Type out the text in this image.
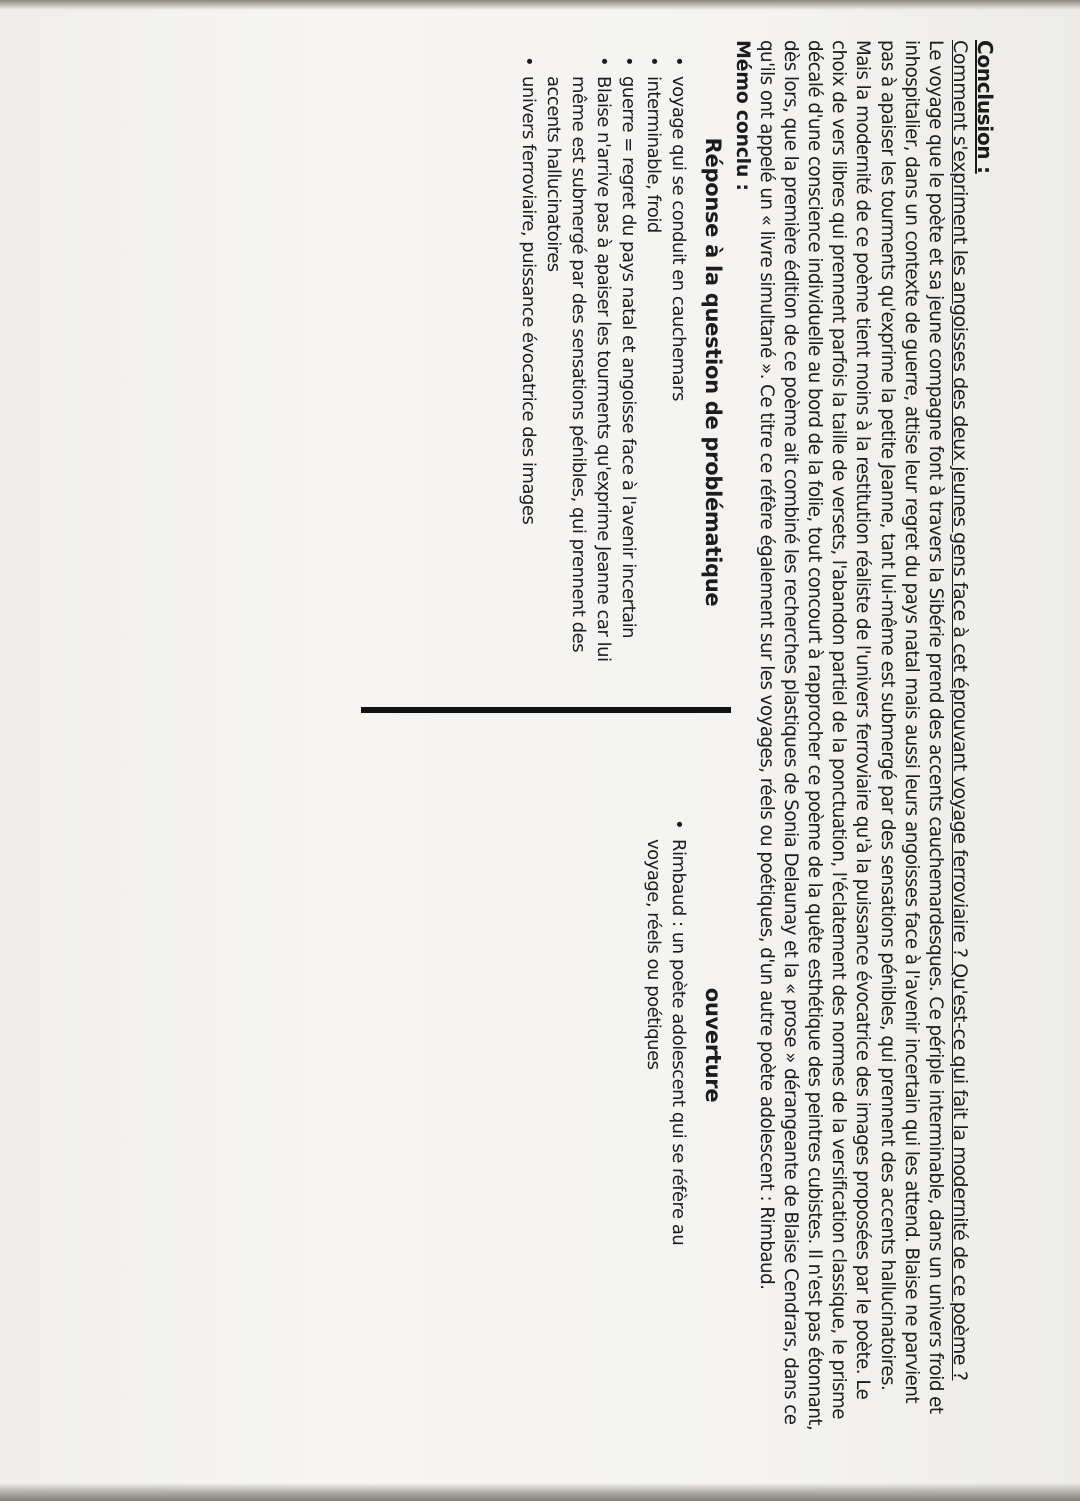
Conclusion :
Comment s'expriment les angoisses des deux jeunes gens face à cet éprouvant voyage ferroviaire ? Qu'est-ce qui fait la modernité de ce poème ?

Le voyage que le poète et sa jeune compagne font à travers la Sibérie prend des accents cauchemardesques. Ce périple interminable, dans un univers froid et inhospitalier, dans un contexte de guerre, attise leur regret du pays natal mais aussi leurs angoisses face à l'avenir incertain qui les attend. Blaise ne parvient pas à apaiser les tourments qu'exprime la petite Jeanne, tant lui-même est submergé par des sensations pénibles, qui prennent des accents hallucinatoires.

Mais la modernité de ce poème tient moins à la restitution réaliste de l'univers ferroviaire qu'à la puissance évocatrice des images proposées par le poète. Le choix de vers libres qui prennent parfois la taille de versets, l'abandon partiel de la ponctuation, l'éclatement des normes de la versification classique, le prisme décalé d'une conscience individuelle au bord de la folie, tout concourt à rapprocher ce poème de la quête esthétique des peintres cubistes. Il n'est pas étonnant, dès lors, que la première édition de ce poème ait combiné les recherches plastiques de Sonia Delaunay et la « prose » dérangeante de Blaise Cendrars, dans ce qu'ils ont appelé un « livre simultané ». Ce titre ce réfère également sur les voyages, réels ou poétiques, d'un autre poète adolescent : Rimbaud.

Mémo conclu :
Réponse à la question de problématique
•
voyage qui se conduit en cauchemars
•
interminable, froid
•
guerre = regret du pays natal et angoisse face à l'avenir incertain
•
Blaise n'arrive pas à apaiser les tourments qu'exprime Jeanne car lui même est submergé par des sensations pénibles, qui prennent des accents hallucinatoires
•
univers ferroviaire, puissance évocatrice des images
ouverture
•
Rimbaud : un poète adolescent qui se réfère au voyage, réels ou poétiques
